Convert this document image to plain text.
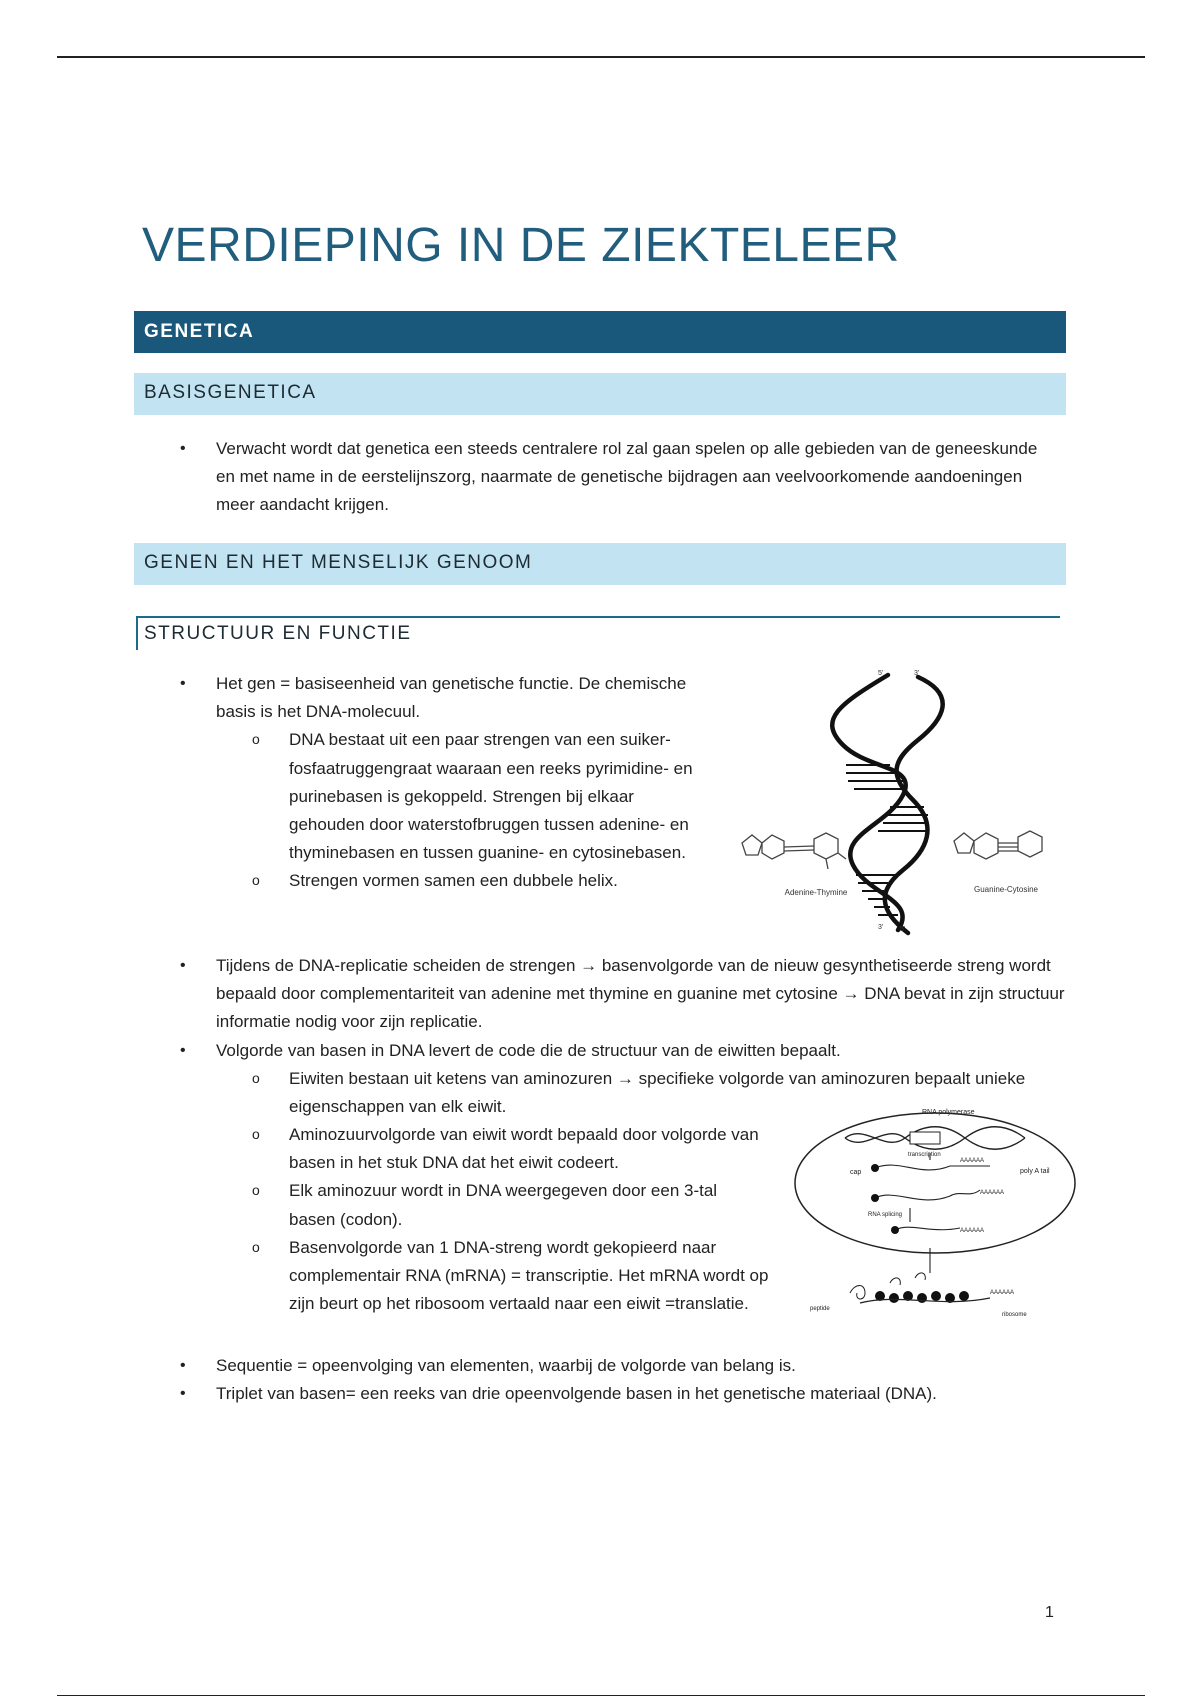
VERDIEPING IN DE ZIEKTELEER
GENETICA
BASISGENETICA
• Verwacht wordt dat genetica een steeds centralere rol zal gaan spelen op alle gebieden van de geneeskunde en met name in de eerstelijnszorg, naarmate de genetische bijdragen aan veelvoorkomende aandoeningen meer aandacht krijgen.
GENEN EN HET MENSELIJK GENOOM
STRUCTUUR EN FUNCTIE
• Het gen = basiseenheid van genetische functie. De chemische basis is het DNA-molecuul.
o DNA bestaat uit een paar strengen van een suiker-fosfaatruggengraat waaraan een reeks pyrimidine- en purinebasen is gekoppeld. Strengen bij elkaar gehouden door waterstofbruggen tussen adenine- en thyminebasen en tussen guanine- en cytosinebasen.
o Strengen vormen samen een dubbele helix.
• Tijdens de DNA-replicatie scheiden de strengen → basenvolgorde van de nieuw gesynthetiseerde streng wordt bepaald door complementariteit van adenine met thymine en guanine met cytosine → DNA bevat in zijn structuur informatie nodig voor zijn replicatie.
• Volgorde van basen in DNA levert de code die de structuur van de eiwitten bepaalt.
o Eiwiten bestaan uit ketens van aminozuren → specifieke volgorde van aminozuren bepaalt unieke eigenschappen van elk eiwit.
o Aminozuurvolgorde van eiwit wordt bepaald door volgorde van basen in het stuk DNA dat het eiwit codeert.
o Elk aminozuur wordt in DNA weergegeven door een 3-tal basen (codon).
o Basenvolgorde van 1 DNA-streng wordt gekopieerd naar complementair RNA (mRNA) = transcriptie. Het mRNA wordt op zijn beurt op het ribosoom vertaald naar een eiwit =translatie.
• Sequentie = opeenvolging van elementen, waarbij de volgorde van belang is.
• Triplet van basen= een reeks van drie opeenvolgende basen in het genetische materiaal (DNA).
Adenine-Thymine	Guanine-Cytosine
5'	3'
3' 5'
RNA polymerase
transcription
cap	poly A tail
AAAAAA
AAAAAA
AAAAAA
AAAAAA
RNA splicing
peptide
ribosome
1
